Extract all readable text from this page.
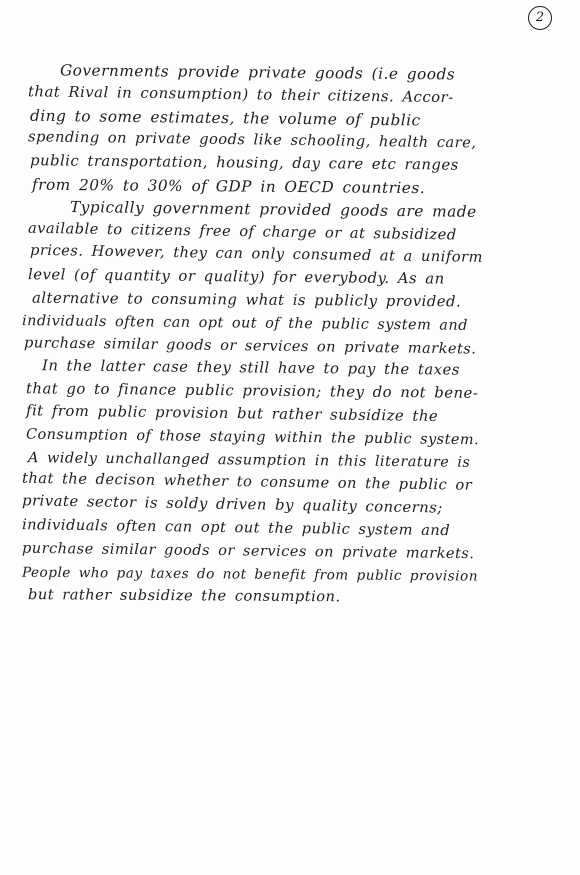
2
Governments provide private goods (i.e goods
that Rival in consumption) to their citizens. Accor-
ding to some estimates, the volume of public
spending on private goods like schooling, health care,
public transportation, housing, day care etc ranges
from 20% to 30% of GDP in OECD countries.
Typically government provided goods are made
available to citizens free of charge or at subsidized
prices. However, they can only consumed at a uniform
level (of quantity or quality) for everybody. As an
alternative to consuming what is publicly provided.
individuals often can opt out of the public system and
purchase similar goods or services on private markets.
In the latter case they still have to pay the taxes
that go to finance public provision; they do not bene-
fit from public provision but rather subsidize the
Consumption of those staying within the public system.
A widely unchallanged assumption in this literature is
that the decison whether to consume on the public or
private sector is soldy driven by quality concerns;
individuals often can opt out the public system and
purchase similar goods or services on private markets.
People who pay taxes do not benefit from public provision
but rather subsidize the consumption.
